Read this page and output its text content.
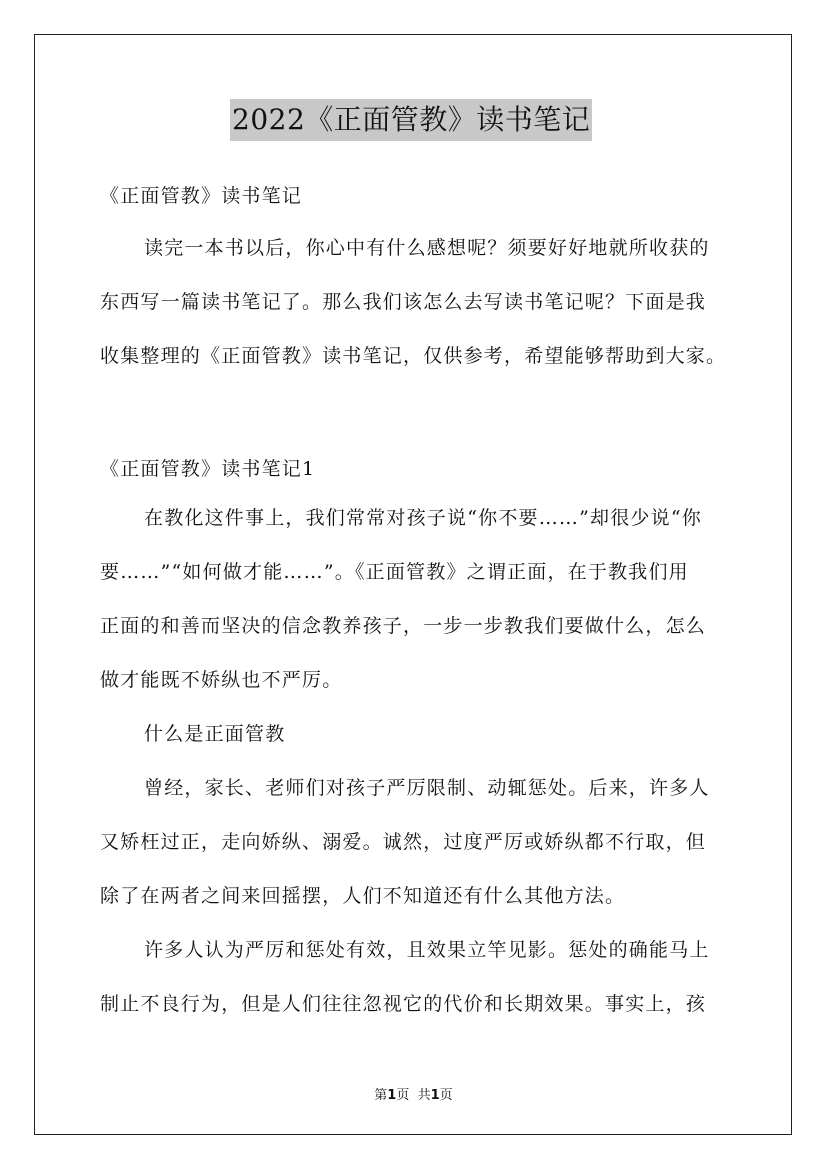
2022《正面管教》读书笔记
《正面管教》读书笔记
读完一本书以后，你心中有什么感想呢？须要好好地就所收获的
东西写一篇读书笔记了。那么我们该怎么去写读书笔记呢？下面是我
收集整理的《正面管教》读书笔记，仅供参考，希望能够帮助到大家。
《正面管教》读书笔记1
在教化这件事上，我们常常对孩子说“你不要……”却很少说“你
要……”“如何做才能……”。《正面管教》之谓正面，在于教我们用
正面的和善而坚决的信念教养孩子，一步一步教我们要做什么，怎么
做才能既不娇纵也不严厉。
什么是正面管教
曾经，家长、老师们对孩子严厉限制、动辄惩处。后来，许多人
又矫枉过正，走向娇纵、溺爱。诚然，过度严厉或娇纵都不行取，但
除了在两者之间来回摇摆，人们不知道还有什么其他方法。
许多人认为严厉和惩处有效，且效果立竿见影。惩处的确能马上
制止不良行为，但是人们往往忽视它的代价和长期效果。事实上，孩
第1页 共1页
